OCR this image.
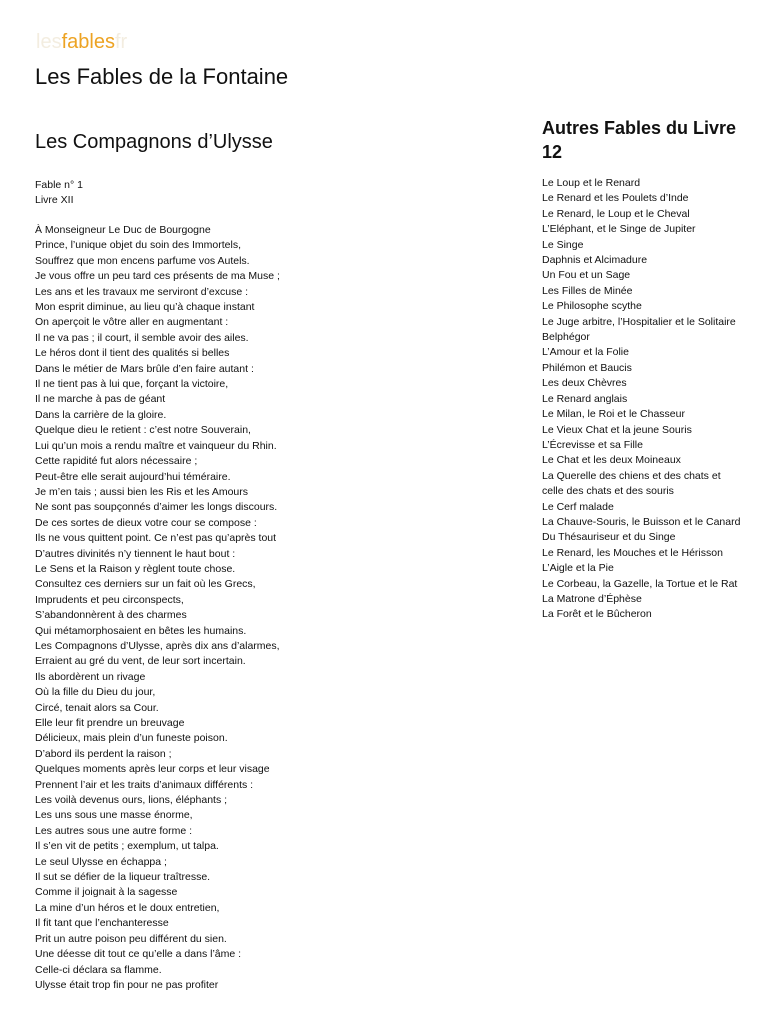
lesfablesfr
Les Fables de la Fontaine
Les Compagnons d’Ulysse
Fable n° 1
Livre XII
À Monseigneur Le Duc de Bourgogne
Prince, l’unique objet du soin des Immortels,
Souffrez que mon encens parfume vos Autels.
Je vous offre un peu tard ces présents de ma Muse ;
Les ans et les travaux me serviront d’excuse :
Mon esprit diminue, au lieu qu’à chaque instant
On aperçoit le vôtre aller en augmentant :
Il ne va pas ; il court, il semble avoir des ailes.
Le héros dont il tient des qualités si belles
Dans le métier de Mars brûle d’en faire autant :
Il ne tient pas à lui que, forçant la victoire,
Il ne marche à pas de géant
Dans la carrière de la gloire.
Quelque dieu le retient : c’est notre Souverain,
Lui qu’un mois a rendu maître et vainqueur du Rhin.
Cette rapidité fut alors nécessaire ;
Peut-être elle serait aujourd’hui téméraire.
Je m’en tais ; aussi bien les Ris et les Amours
Ne sont pas soupçonnés d’aimer les longs discours.
De ces sortes de dieux votre cour se compose :
Ils ne vous quittent point. Ce n’est pas qu’après tout
D’autres divinités n’y tiennent le haut bout :
Le Sens et la Raison y règlent toute chose.
Consultez ces derniers sur un fait où les Grecs,
Imprudents et peu circonspects,
S’abandonnèrent à des charmes
Qui métamorphosaient en bêtes les humains.
Les Compagnons d’Ulysse, après dix ans d’alarmes,
Erraient au gré du vent, de leur sort incertain.
Ils abordèrent un rivage
Où la fille du Dieu du jour,
Circé, tenait alors sa Cour.
Elle leur fit prendre un breuvage
Délicieux, mais plein d’un funeste poison.
D’abord ils perdent la raison ;
Quelques moments après leur corps et leur visage
Prennent l’air et les traits d’animaux différents :
Les voilà devenus ours, lions, éléphants ;
Les uns sous une masse énorme,
Les autres sous une autre forme :
Il s’en vit de petits ; exemplum, ut talpa.
Le seul Ulysse en échappa ;
Il sut se défier de la liqueur traîtresse.
Comme il joignait à la sagesse
La mine d’un héros et le doux entretien,
Il fit tant que l’enchanteresse
Prit un autre poison peu différent du sien.
Une déesse dit tout ce qu’elle a dans l’âme :
Celle-ci déclara sa flamme.
Ulysse était trop fin pour ne pas profiter
Autres Fables du Livre 12
Le Loup et le Renard
Le Renard et les Poulets d’Inde
Le Renard, le Loup et le Cheval
L’Eléphant, et le Singe de Jupiter
Le Singe
Daphnis et Alcimadure
Un Fou et un Sage
Les Filles de Minée
Le Philosophe scythe
Le Juge arbitre, l’Hospitalier et le Solitaire
Belphégor
L’Amour et la Folie
Philémon et Baucis
Les deux Chèvres
Le Renard anglais
Le Milan, le Roi et le Chasseur
Le Vieux Chat et la jeune Souris
L’Écrevisse et sa Fille
Le Chat et les deux Moineaux
La Querelle des chiens et des chats et celle des chats et des souris
Le Cerf malade
La Chauve-Souris, le Buisson et le Canard
Du Thésauriseur et du Singe
Le Renard, les Mouches et le Hérisson
L’Aigle et la Pie
Le Corbeau, la Gazelle, la Tortue et le Rat
La Matrone d’Éphèse
La Forêt et le Bûcheron
